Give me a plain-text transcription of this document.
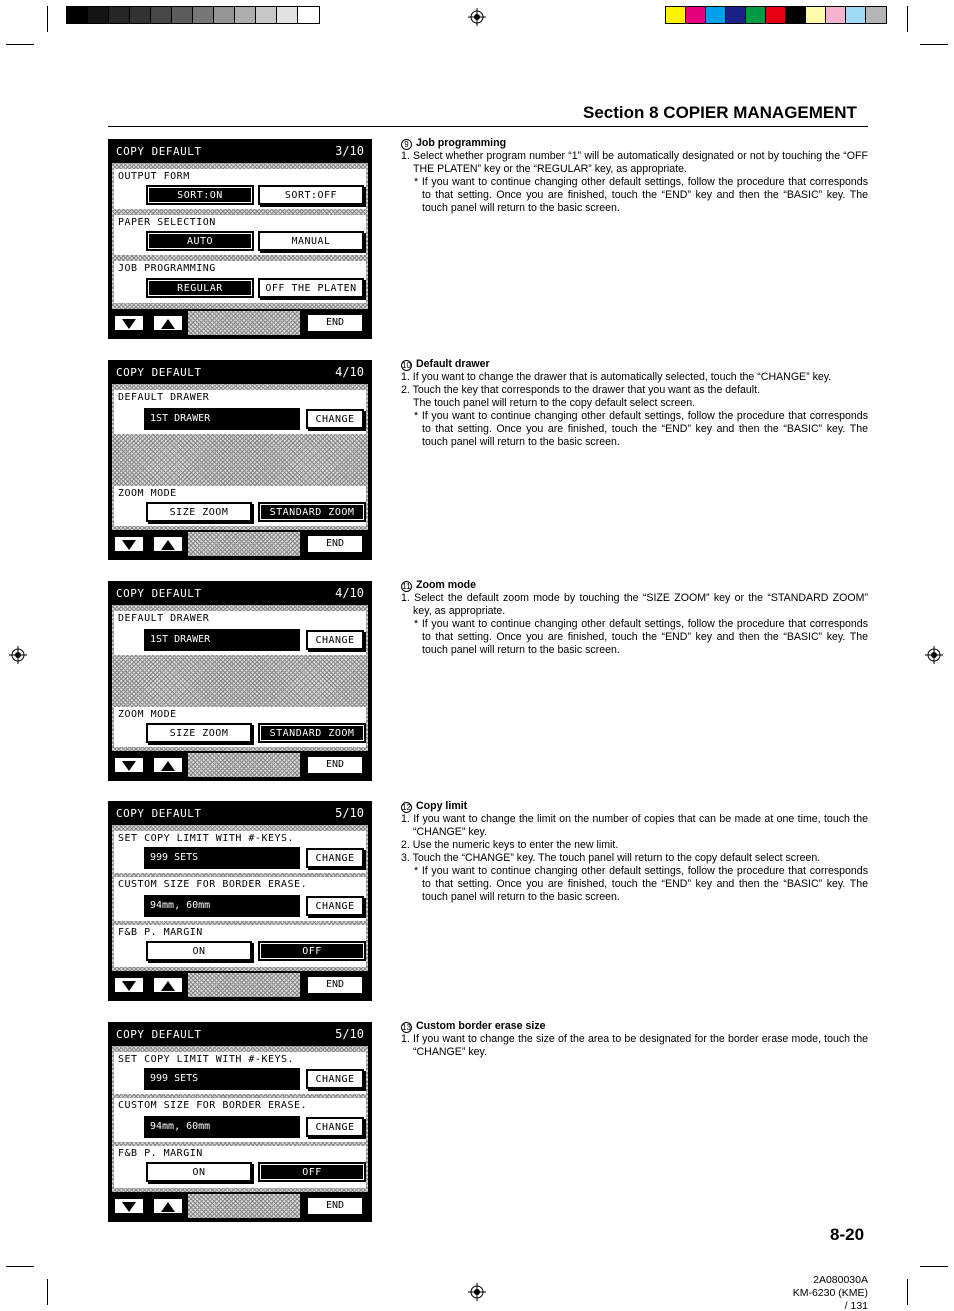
Section 8 COPIER MANAGEMENT
COPY DEFAULT	3/10
OUTPUT FORM
SORT:ON	SORT:OFF
PAPER SELECTION
AUTO	MANUAL
JOB PROGRAMMING
REGULAR	OFF THE PLATEN
END
COPY DEFAULT	4/10
DEFAULT DRAWER
1ST DRAWER	CHANGE
ZOOM MODE
SIZE ZOOM	STANDARD ZOOM
END
COPY DEFAULT	4/10
DEFAULT DRAWER
1ST DRAWER	CHANGE
ZOOM MODE
SIZE ZOOM	STANDARD ZOOM
END
COPY DEFAULT	5/10
SET COPY LIMIT WITH #-KEYS.
999 SETS	CHANGE
CUSTOM SIZE FOR BORDER ERASE.
94mm, 60mm	CHANGE
F&B P. MARGIN
ON	OFF
END
COPY DEFAULT	5/10
SET COPY LIMIT WITH #-KEYS.
999 SETS	CHANGE
CUSTOM SIZE FOR BORDER ERASE.
94mm, 60mm	CHANGE
F&B P. MARGIN
ON	OFF
END
9 Job programming

1. Select whether program number “1” will be automatically designated or not by touching the “OFF THE PLATEN” key or the “REGULAR” key, as appropriate.

* If you want to continue changing other default settings, follow the procedure that corresponds to that setting. Once you are finished, touch the “END” key and then the “BASIC” key. The touch panel will return to the basic screen.

10 Default drawer

1. If you want to change the drawer that is automatically selected, touch the “CHANGE” key.

2. Touch the key that corresponds to the drawer that you want as the default.

The touch panel will return to the copy default select screen.

* If you want to continue changing other default settings, follow the procedure that corresponds to that setting. Once you are finished, touch the “END” key and then the “BASIC” key. The touch panel will return to the basic screen.

11 Zoom mode

1. Select the default zoom mode by touching the “SIZE ZOOM” key or the “STANDARD ZOOM” key, as appropriate.

* If you want to continue changing other default settings, follow the procedure that corresponds to that setting. Once you are finished, touch the “END” key and then the “BASIC” key. The touch panel will return to the basic screen.

12 Copy limit

1. If you want to change the limit on the number of copies that can be made at one time, touch the “CHANGE” key.

2. Use the numeric keys to enter the new limit.

3. Touch the “CHANGE” key. The touch panel will return to the copy default select screen.

* If you want to continue changing other default settings, follow the procedure that corresponds to that setting. Once you are finished, touch the “END” key and then the “BASIC” key. The touch panel will return to the basic screen.

13 Custom border erase size

1. If you want to change the size of the area to be designated for the border erase mode, touch the “CHANGE” key.

8-20
2A080030A
KM-6230 (KME)
/ 131
